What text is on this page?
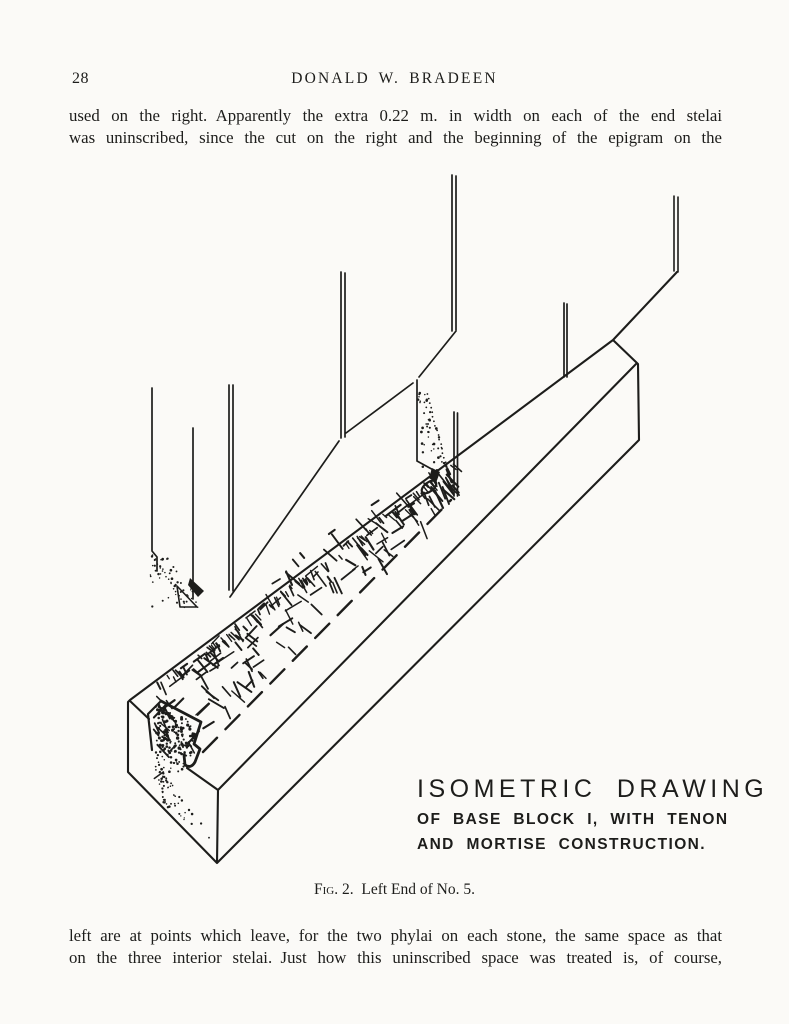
28	DONALD W. BRADEEN
used on the right. Apparently the extra 0.22 m. in width on each of the end stelai
was uninscribed, since the cut on the right and the beginning of the epigram on the
ISOMETRIC DRAWING
OF BASE BLOCK I, WITH TENON
AND MORTISE CONSTRUCTION.
Fig. 2. Left End of No. 5.
left are at points which leave, for the two phylai on each stone, the same space as that
on the three interior stelai. Just how this uninscribed space was treated is, of course,
